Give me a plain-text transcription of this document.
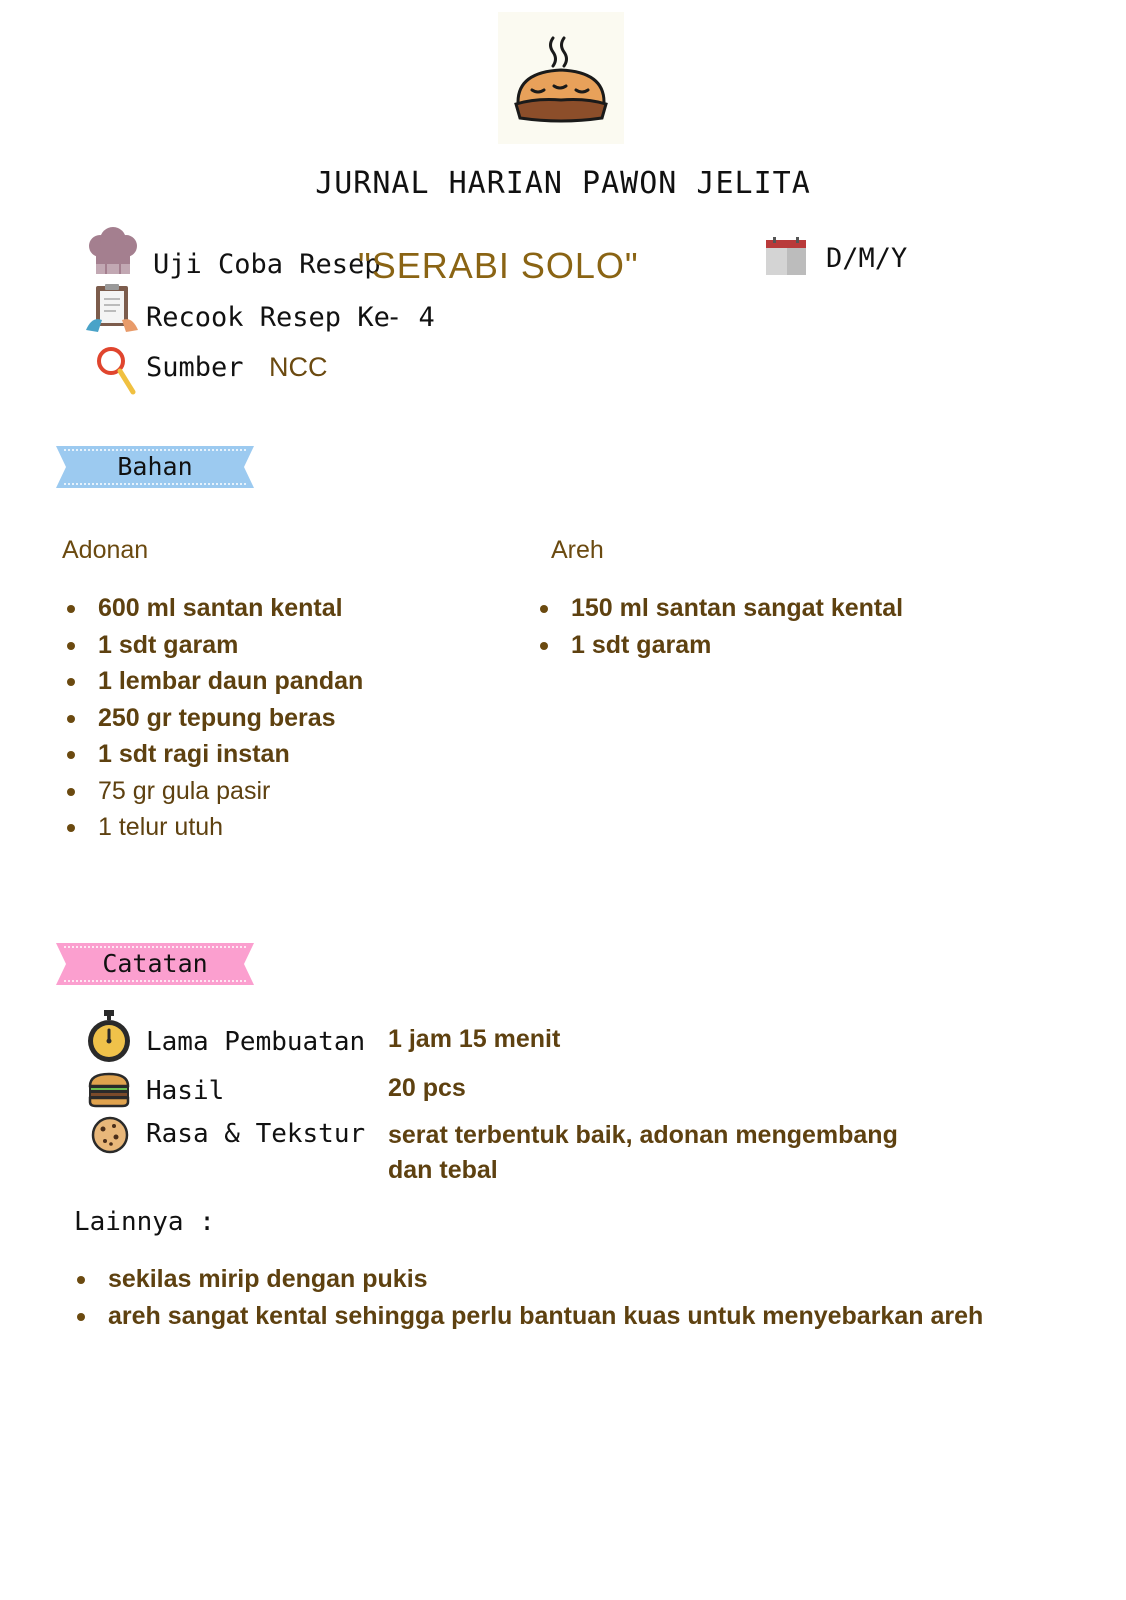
JURNAL HARIAN PAWON JELITA
Uji Coba Resep
"SERABI SOLO"	D/M/Y
Recook Resep Ke
- 4
Sumber NCC
Bahan
Adonan
600 ml santan kental
1 sdt garam
1 lembar daun pandan
250 gr tepung beras
1 sdt ragi instan
75 gr gula pasir
1 telur utuh
Areh
150 ml santan sangat kental
1 sdt garam
Catatan
Lama Pembuatan 1 jam 15 menit
Hasil	20 pcs
Rasa & Tekstur serat terbentuk baik, adonan mengembang
dan tebal
Lainnya :
sekilas mirip dengan pukis
areh sangat kental sehingga perlu bantuan kuas untuk menyebarkan areh
